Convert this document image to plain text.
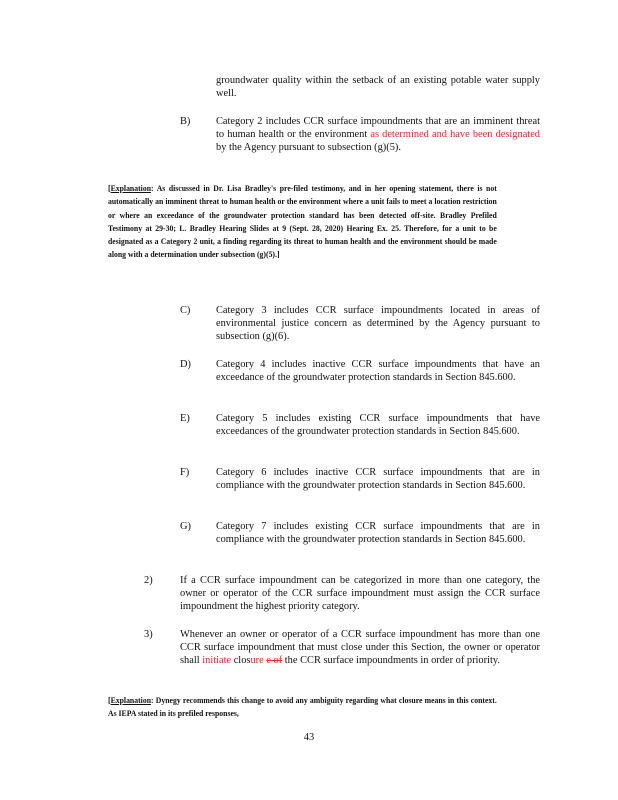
groundwater quality within the setback of an existing potable water supply well.
B) Category 2 includes CCR surface impoundments that are an imminent threat to human health or the environment as determined and have been designated by the Agency pursuant to subsection (g)(5).
[Explanation: As discussed in Dr. Lisa Bradley's pre-filed testimony, and in her opening statement, there is not automatically an imminent threat to human health or the environment where a unit fails to meet a location restriction or where an exceedance of the groundwater protection standard has been detected off-site. Bradley Prefiled Testimony at 29-30; L. Bradley Hearing Slides at 9 (Sept. 28, 2020) Hearing Ex. 25. Therefore, for a unit to be designated as a Category 2 unit, a finding regarding its threat to human health and the environment should be made along with a determination under subsection (g)(5).]
C) Category 3 includes CCR surface impoundments located in areas of environmental justice concern as determined by the Agency pursuant to subsection (g)(6).
D) Category 4 includes inactive CCR surface impoundments that have an exceedance of the groundwater protection standards in Section 845.600.
E)	Category 5 includes existing CCR surface impoundments that have exceedances of the groundwater protection standards in Section 845.600.
F)	Category 6 includes inactive CCR surface impoundments that are in compliance with the groundwater protection standards in Section 845.600.
G) Category 7 includes existing CCR surface impoundments that are in compliance with the groundwater protection standards in Section 845.600.
2)	If a CCR surface impoundment can be categorized in more than one category, the owner or operator of the CCR surface impoundment must assign the CCR surface impoundment the highest priority category.
3)	Whenever an owner or operator of a CCR surface impoundment has more than one CCR surface impoundment that must close under this Section, the owner or operator shall initiate closure e of the CCR surface impoundments in order of priority.
[Explanation: Dynegy recommends this change to avoid any ambiguity regarding what closure means in this context. As IEPA stated in its prefiled responses,
43
